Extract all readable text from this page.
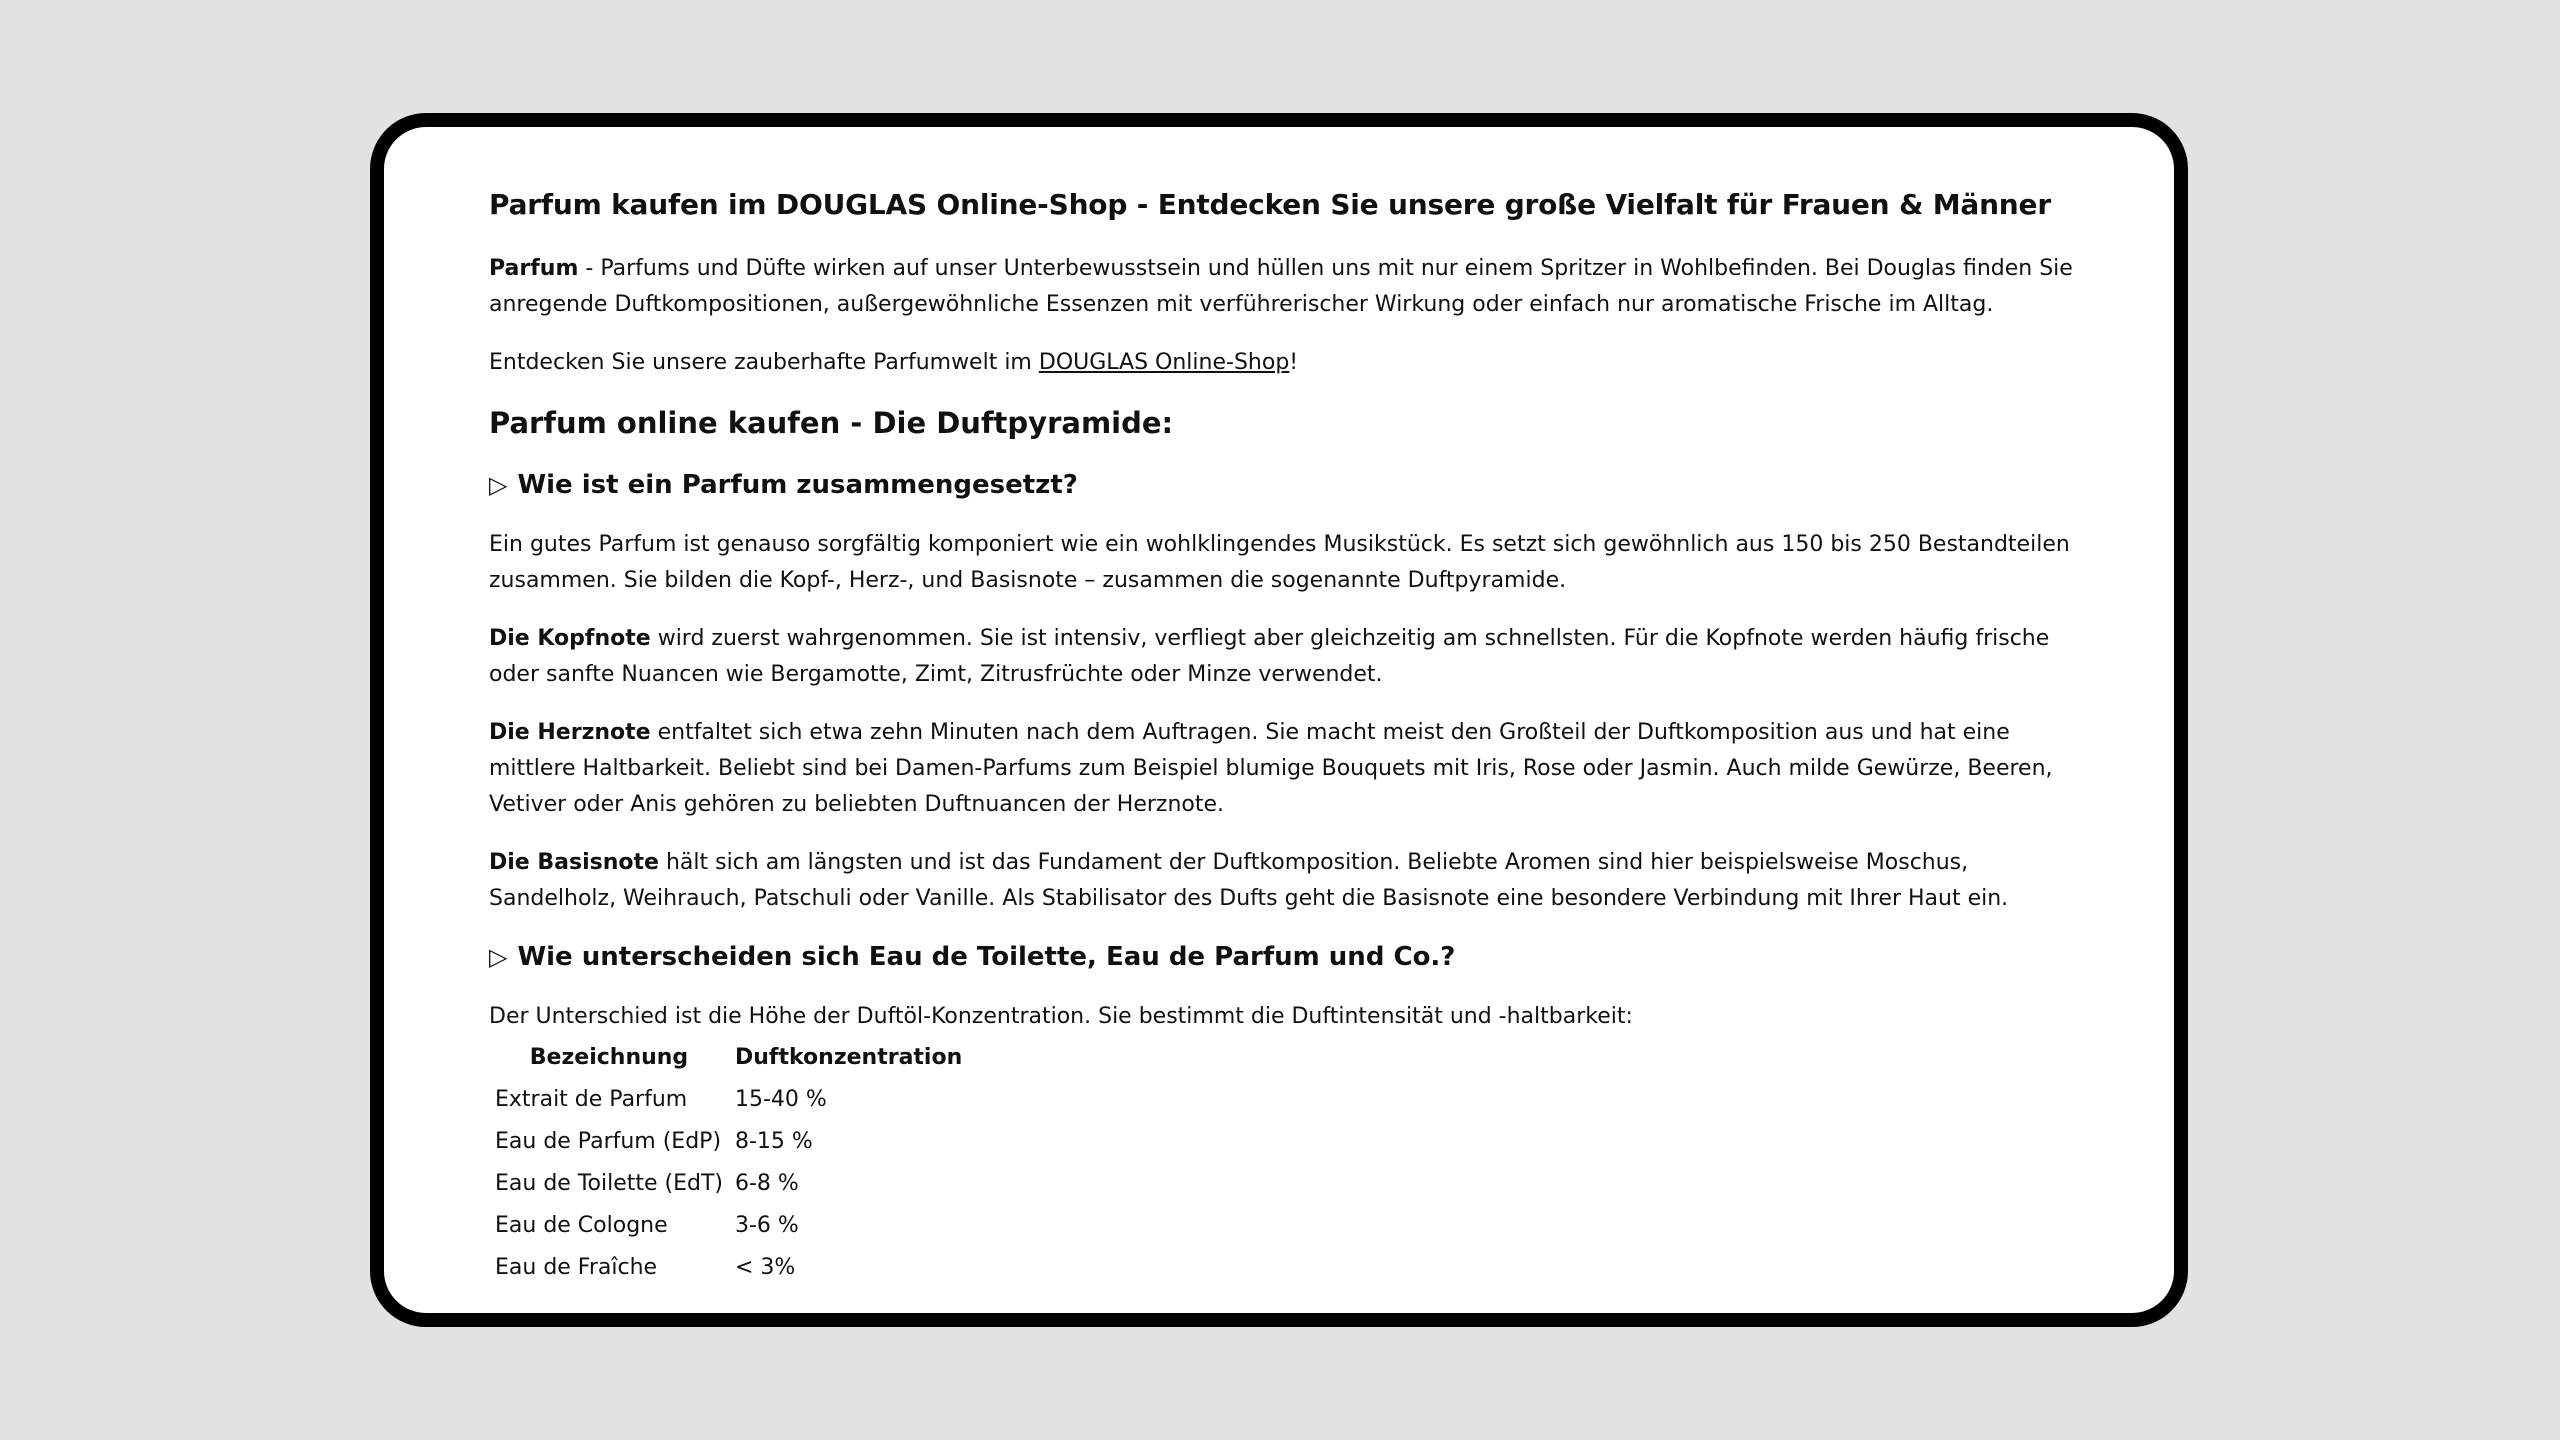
Parfum kaufen im DOUGLAS Online-Shop - Entdecken Sie unsere große Vielfalt für Frauen & Männer

Parfum - Parfums und Düfte wirken auf unser Unterbewusstsein und hüllen uns mit nur einem Spritzer in Wohlbefinden. Bei Douglas finden Sie anregende Duftkompositionen, außergewöhnliche Essenzen mit verführerischer Wirkung oder einfach nur aromatische Frische im Alltag.

Entdecken Sie unsere zauberhafte Parfumwelt im DOUGLAS Online-Shop!

Parfum online kaufen - Die Duftpyramide:
▷ Wie ist ein Parfum zusammengesetzt?

Ein gutes Parfum ist genauso sorgfältig komponiert wie ein wohlklingendes Musikstück. Es setzt sich gewöhnlich aus 150 bis 250 Bestandteilen zusammen. Sie bilden die Kopf-, Herz-, und Basisnote – zusammen die sogenannte Duftpyramide.

Die Kopfnote wird zuerst wahrgenommen. Sie ist intensiv, verfliegt aber gleichzeitig am schnellsten. Für die Kopfnote werden häufig frische oder sanfte Nuancen wie Bergamotte, Zimt, Zitrusfrüchte oder Minze verwendet.

Die Herznote entfaltet sich etwa zehn Minuten nach dem Auftragen. Sie macht meist den Großteil der Duftkomposition aus und hat eine mittlere Haltbarkeit. Beliebt sind bei Damen-Parfums zum Beispiel blumige Bouquets mit Iris, Rose oder Jasmin. Auch milde Gewürze, Beeren, Vetiver oder Anis gehören zu beliebten Duftnuancen der Herznote.

Die Basisnote hält sich am längsten und ist das Fundament der Duftkomposition. Beliebte Aromen sind hier beispielsweise Moschus, Sandelholz, Weihrauch, Patschuli oder Vanille. Als Stabilisator des Dufts geht die Basisnote eine besondere Verbindung mit Ihrer Haut ein.

▷ Wie unterscheiden sich Eau de Toilette, Eau de Parfum und Co.?

Der Unterschied ist die Höhe der Duftöl-Konzentration. Sie bestimmt die Duftintensität und -haltbarkeit:

Bezeichnung	Duftkonzentration
Extrait de Parfum	15-40 %
Eau de Parfum (EdP)	8-15 %
Eau de Toilette (EdT)	6-8 %
Eau de Cologne	3-6 %
Eau de Fraîche	< 3%
